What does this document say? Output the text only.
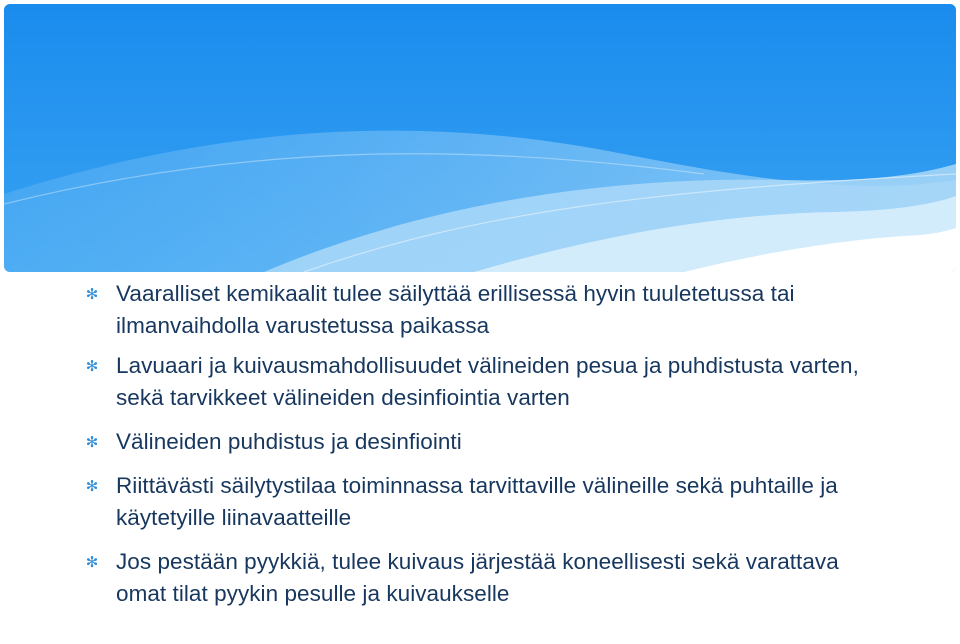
✻ Vaaralliset kemikaalit tulee säilyttää erillisessä hyvin tuuletetussa tai ilmanvaihdolla varustetussa paikassa
✻ Lavuaari ja kuivausmahdollisuudet välineiden pesua ja puhdistusta varten, sekä tarvikkeet välineiden desinfiointia varten
✻ Välineiden puhdistus ja desinfiointi
✻ Riittävästi säilytystilaa toiminnassa tarvittaville välineille sekä puhtaille ja käytetyille liinavaatteille
✻ Jos pestään pyykkiä, tulee kuivaus järjestää koneellisesti sekä varattava omat tilat pyykin pesulle ja kuivaukselle
